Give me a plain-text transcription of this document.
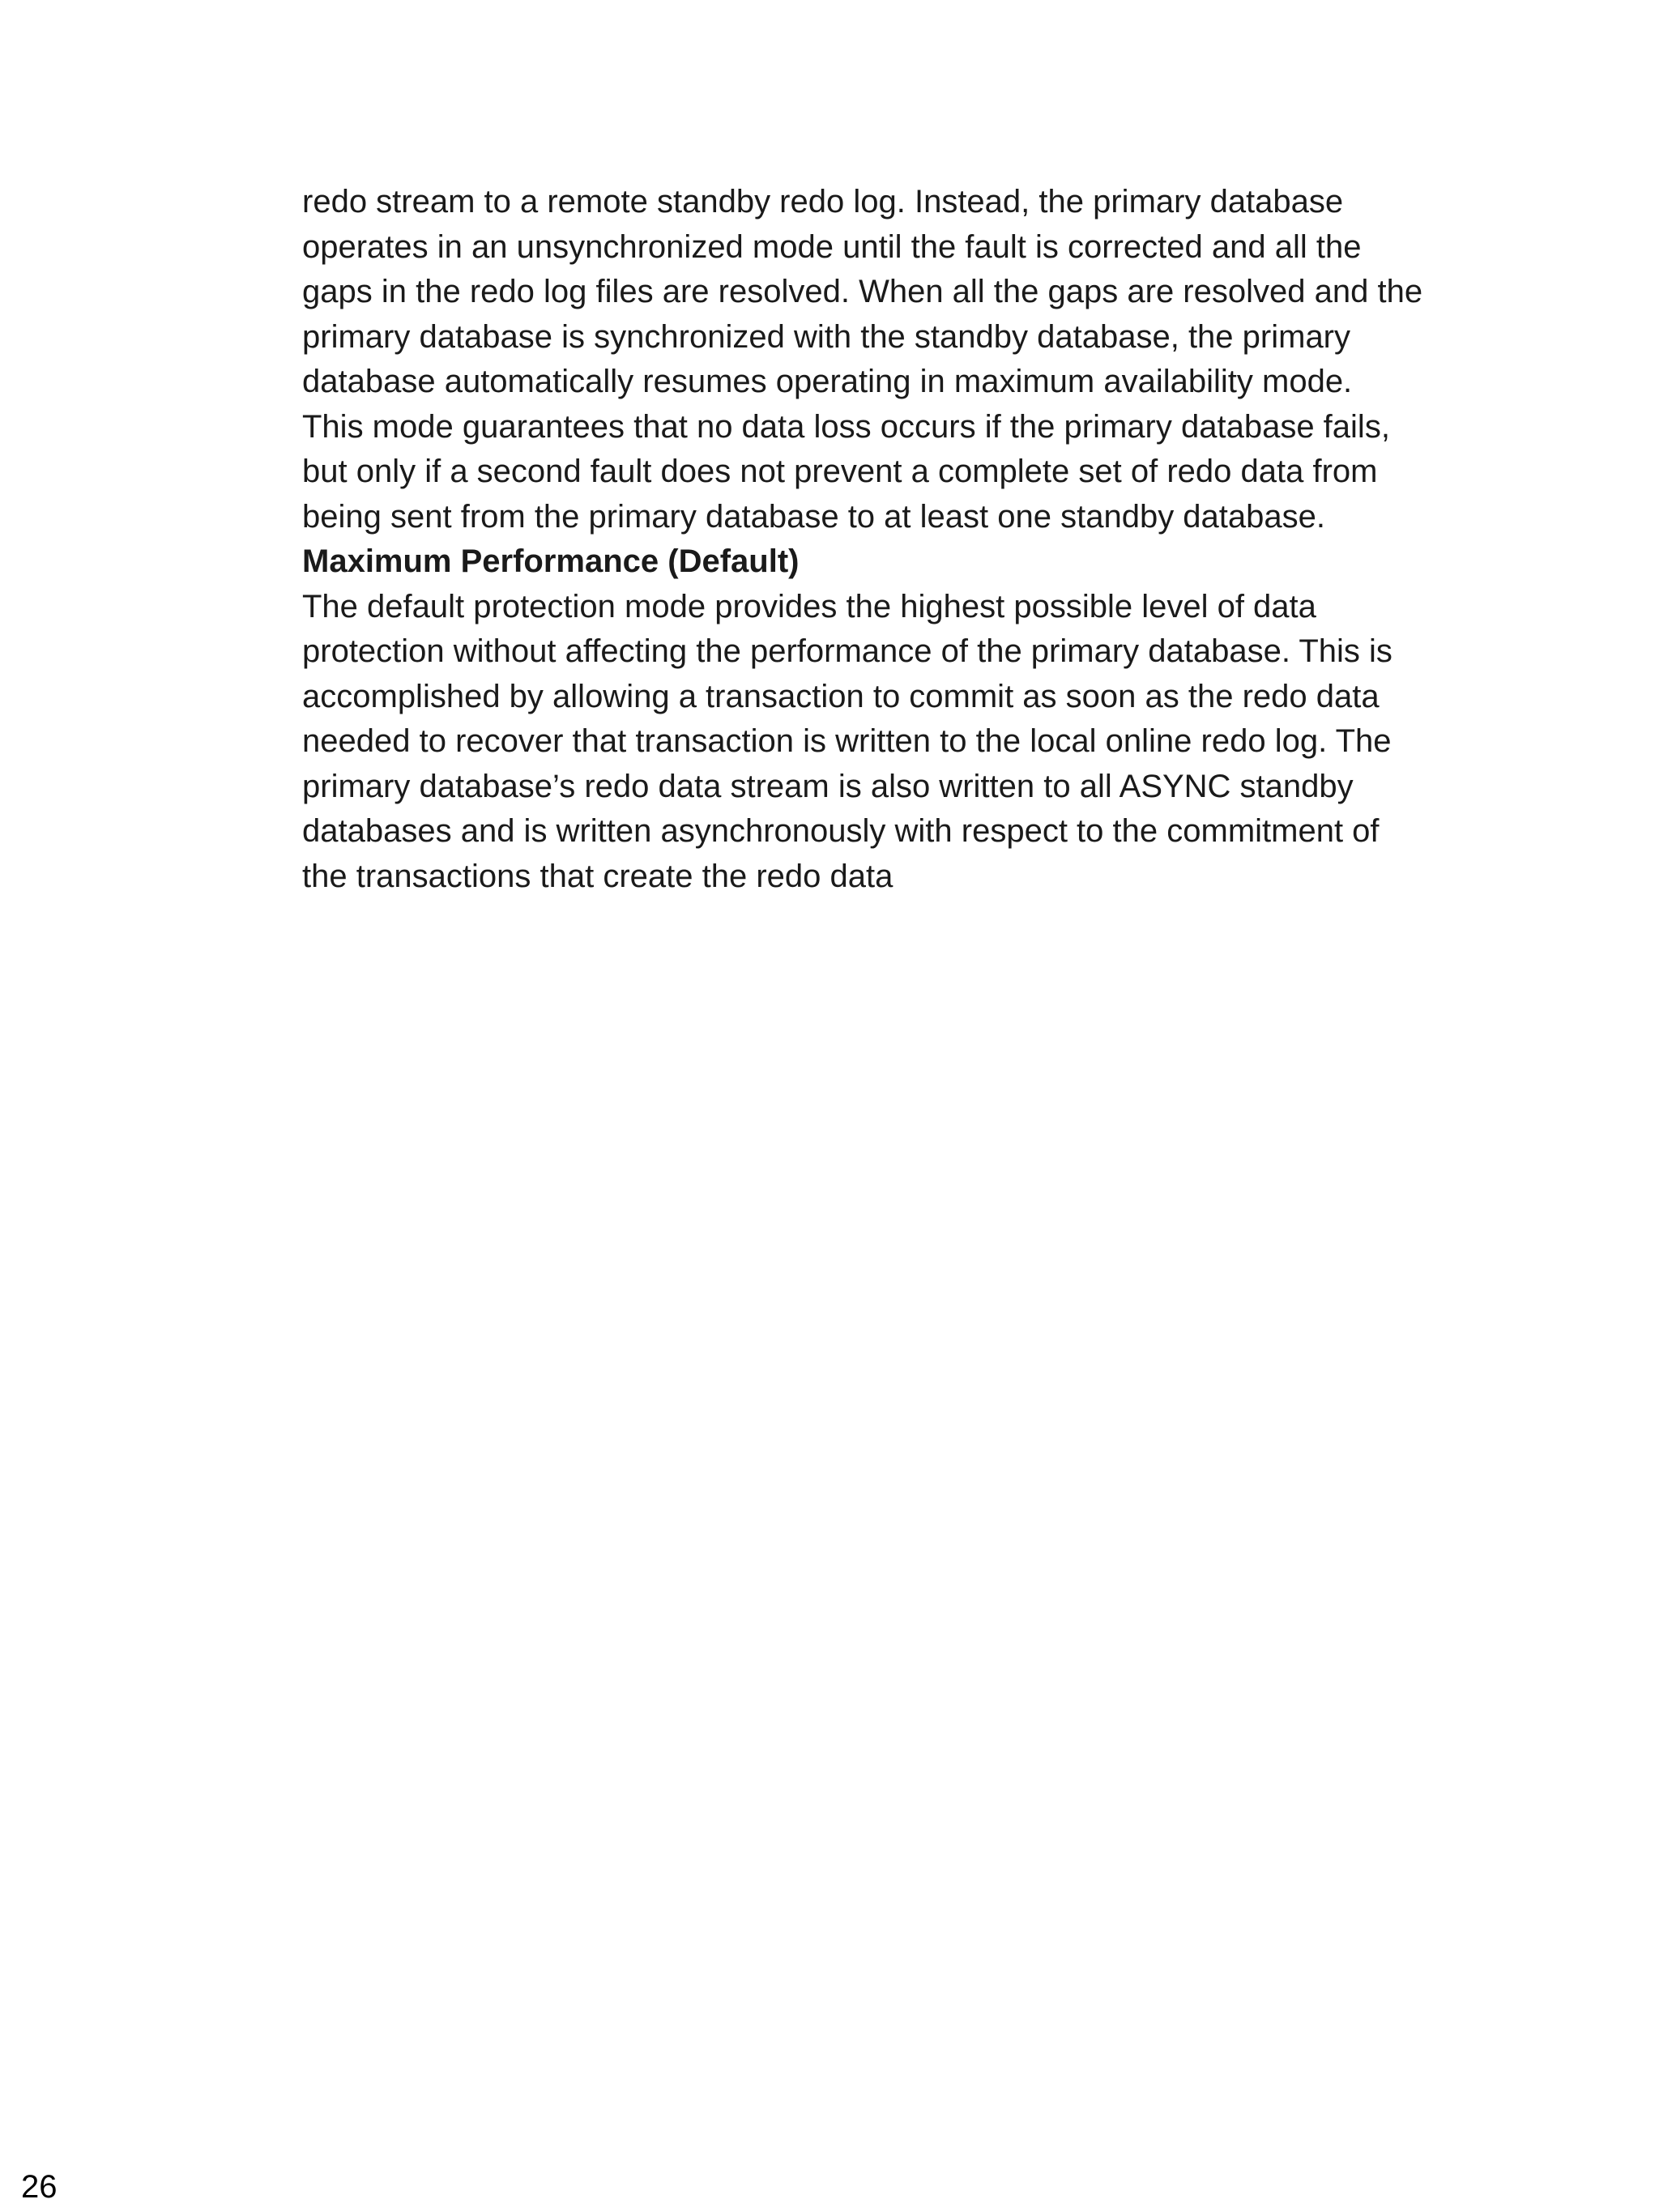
redo stream to a remote standby redo log. Instead, the primary database
operates in an unsynchronized mode until the fault is corrected and all the
gaps in the redo log files are resolved. When all the gaps are resolved and the
primary database is synchronized with the standby database, the primary
database automatically resumes operating in maximum availability mode.
This mode guarantees that no data loss occurs if the primary database fails,
but only if a second fault does not prevent a complete set of redo data from
being sent from the primary database to at least one standby database.
Maximum Performance (Default)
The default protection mode provides the highest possible level of data
protection without affecting the performance of the primary database. This is
accomplished by allowing a transaction to commit as soon as the redo data
needed to recover that transaction is written to the local online redo log. The
primary database’s redo data stream is also written to all ASYNC standby
databases and is written asynchronously with respect to the commitment of
the transactions that create the redo data
26
